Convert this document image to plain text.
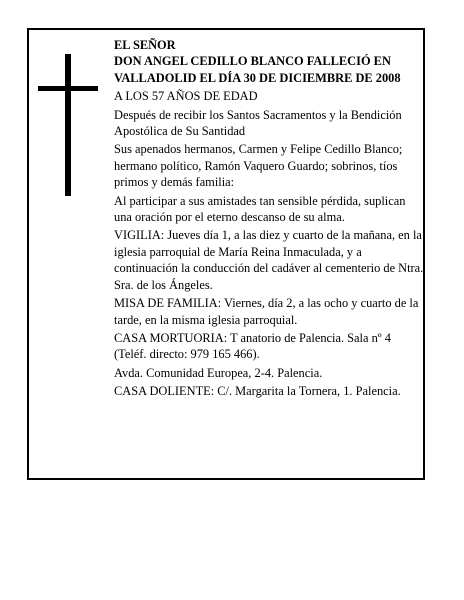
EL SEÑOR

DON ANGEL CEDILLO BLANCO FALLECIÓ EN VALLADOLID EL DÍA 30 DE DICIEMBRE DE 2008

A LOS 57 AÑOS DE EDAD

Después de recibir los Santos Sacramentos y la Bendición Apostólica de Su Santidad

Sus apenados hermanos, Carmen y Felipe Cedillo Blanco; hermano político, Ramón Vaquero Guardo; sobrinos, tíos primos y demás familia:

Al participar a sus amistades tan sensible pérdida, suplican una oración por el eterno descanso de su alma.

VIGILIA: Jueves día 1, a las diez y cuarto de la mañana, en la iglesia parroquial de María Reina Inmaculada, y a continuación la conducción del cadáver al cementerio de Ntra. Sra. de los Ángeles.

MISA DE FAMILIA: Viernes, día 2, a las ocho y cuarto de la tarde, en la misma iglesia parroquial.

CASA MORTUORIA: T anatorio de Palencia. Sala nº 4 (Teléf. directo: 979 165 466).

Avda. Comunidad Europea, 2-4. Palencia.

CASA DOLIENTE: C/. Margarita la Tornera, 1. Palencia.
